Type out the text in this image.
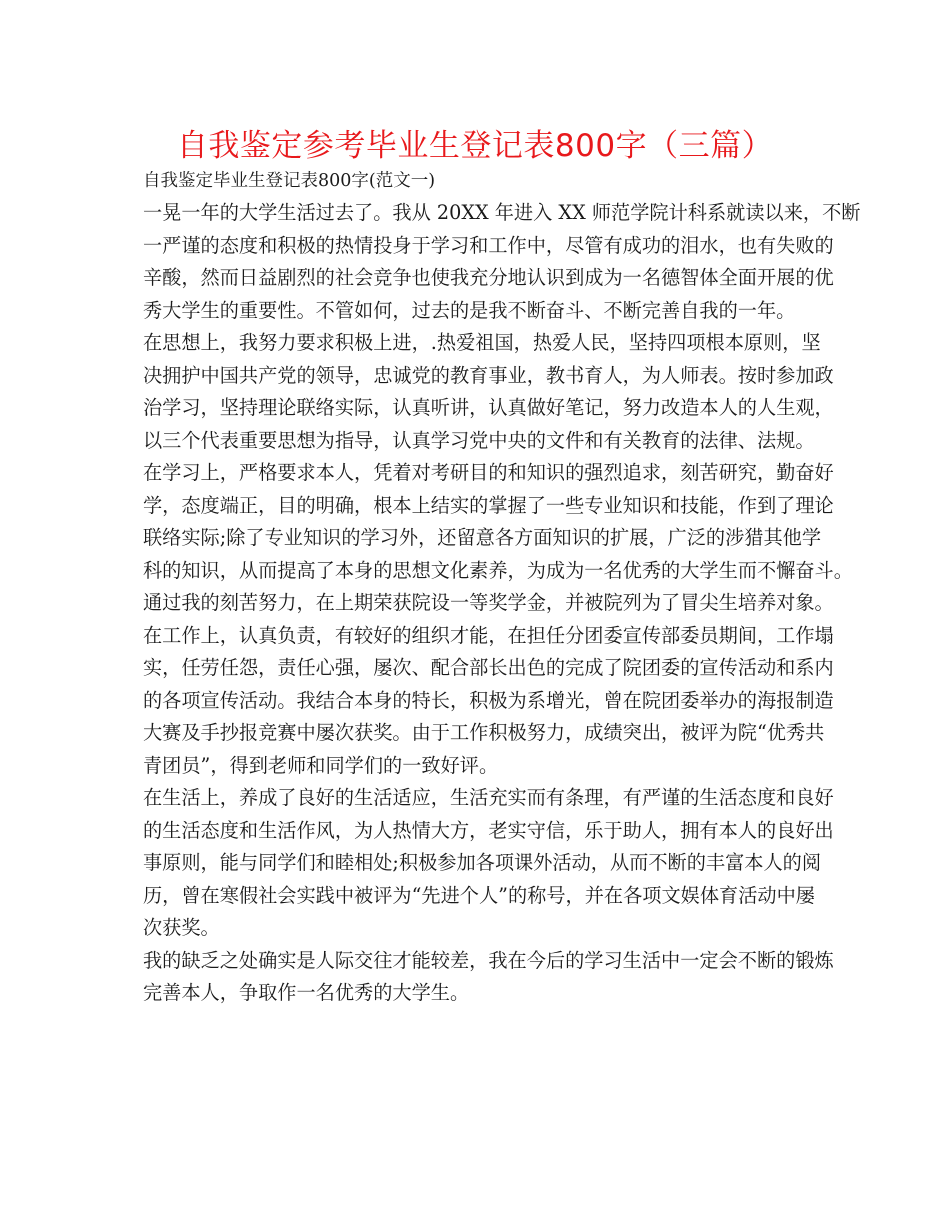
自我鉴定参考毕业生登记表800字（三篇）

自我鉴定毕业生登记表800字(范文一)

一晃一年的大学生活过去了。我从 20XX 年进入 XX 师范学院计科系就读以来，不断

一严谨的态度和积极的热情投身于学习和工作中，尽管有成功的泪水，也有失败的

辛酸，然而日益剧烈的社会竞争也使我充分地认识到成为一名德智体全面开展的优

秀大学生的重要性。不管如何，过去的是我不断奋斗、不断完善自我的一年。

在思想上，我努力要求积极上进，.热爱祖国，热爱人民，坚持四项根本原则，坚

决拥护中国共产党的领导，忠诚党的教育事业，教书育人，为人师表。按时参加政

治学习，坚持理论联络实际，认真听讲，认真做好笔记，努力改造本人的人生观，

以三个代表重要思想为指导，认真学习党中央的文件和有关教育的法律、法规。

在学习上，严格要求本人，凭着对考研目的和知识的强烈追求，刻苦研究，勤奋好

学，态度端正，目的明确，根本上结实的掌握了一些专业知识和技能，作到了理论

联络实际;除了专业知识的学习外，还留意各方面知识的扩展，广泛的涉猎其他学

科的知识，从而提高了本身的思想文化素养，为成为一名优秀的大学生而不懈奋斗。

通过我的刻苦努力，在上期荣获院设一等奖学金，并被院列为了冒尖生培养对象。

在工作上，认真负责，有较好的组织才能，在担任分团委宣传部委员期间，工作塌

实，任劳任怨，责任心强，屡次、配合部长出色的完成了院团委的宣传活动和系内

的各项宣传活动。我结合本身的特长，积极为系增光，曾在院团委举办的海报制造

大赛及手抄报竞赛中屡次获奖。由于工作积极努力，成绩突出，被评为院“优秀共

青团员”，得到老师和同学们的一致好评。

在生活上，养成了良好的生活适应，生活充实而有条理，有严谨的生活态度和良好

的生活态度和生活作风，为人热情大方，老实守信，乐于助人，拥有本人的良好出

事原则，能与同学们和睦相处;积极参加各项课外活动，从而不断的丰富本人的阅

历，曾在寒假社会实践中被评为“先进个人”的称号，并在各项文娱体育活动中屡

次获奖。

我的缺乏之处确实是人际交往才能较差，我在今后的学习生活中一定会不断的锻炼

完善本人，争取作一名优秀的大学生。
